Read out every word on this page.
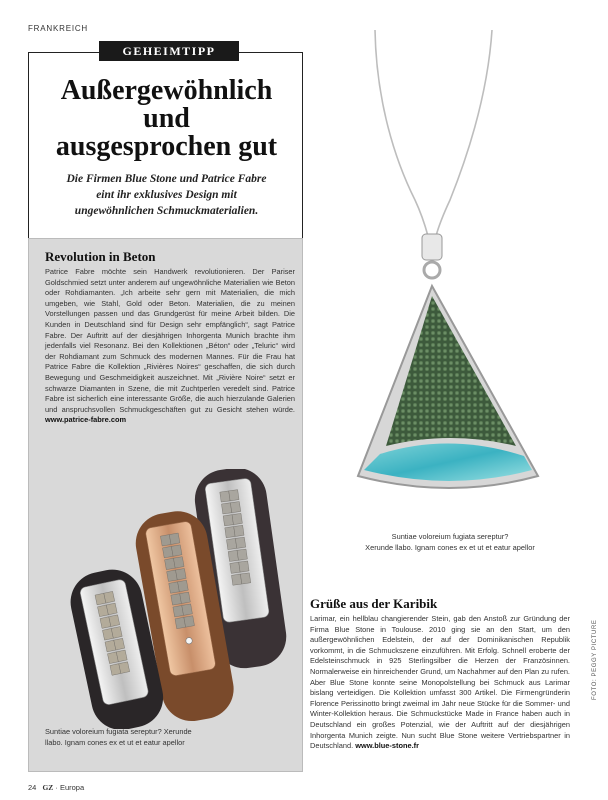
FRANKREICH
GEHEIMTIPP
Außergewöhnlich
und
ausgesprochen gut
Die Firmen Blue Stone und Patrice Fabre
eint ihr exklusives Design mit
ungewöhnlichen Schmuckmaterialien.
Revolution in Beton

Patrice Fabre möchte sein Handwerk revolutionieren. Der Pariser Goldschmied setzt unter anderem auf ungewöhnliche Materialien wie Beton oder Rohdiamanten. „Ich arbeite sehr gern mit Materialien, die mich umgeben, wie Stahl, Gold oder Beton. Materialien, die zu meinen Vorstellungen passen und das Grundgerüst für meine Arbeit bilden. Die Kunden in Deutschland sind für Design sehr empfänglich“, sagt Patrice Fabre. Der Auftritt auf der diesjährigen Inhorgenta Munich brachte ihm jedenfalls viel Resonanz. Bei den Kollektionen „Béton“ oder „Teluric“ wird der Rohdiamant zum Schmuck des modernen Mannes. Für die Frau hat Patrice Fabre die Kollektion „Rivières Noires“ geschaffen, die sich durch Bewegung und Geschmeidigkeit auszeichnet. Mit „Rivière Noire“ setzt er schwarze Diamanten in Szene, die mit Zuchtperlen veredelt sind. Patrice Fabre ist sicherlich eine interessante Größe, die auch hierzulande Galerien und anspruchsvollen Schmuckgeschäften gut zu Gesicht stehen würde. www.patrice-fabre.com

Suntiae voloreium fugiata sereptur? Xerunde llabo. Ignam cones ex et ut et eatur apellor
Suntiae voloreium fugiata sereptur?
Xerunde llabo. Ignam cones ex et ut et eatur apellor
Grüße aus der Karibik

Larimar, ein hellblau changierender Stein, gab den Anstoß zur Gründung der Firma Blue Stone in Toulouse. 2010 ging sie an den Start, um den außergewöhnlichen Edelstein, der auf der Dominikanischen Republik vorkommt, in die Schmuckszene einzuführen. Mit Erfolg. Schnell eroberte der Edelsteinschmuck in 925 Sterlingsilber die Herzen der Französinnen. Normalerweise ein hinreichender Grund, um Nachahmer auf den Plan zu rufen. Aber Blue Stone konnte seine Monopolstellung bei Schmuck aus Larimar bislang verteidigen. Die Kollektion umfasst 300 Artikel. Die Firmengründerin Florence Perissinotto bringt zweimal im Jahr neue Stücke für die Sommer- und Winter-Kollektion heraus. Die Schmuckstücke Made in France haben auch in Deutschland ein großes Potenzial, wie der Auftritt auf der diesjährigen Inhorgenta Munich zeigte. Nun sucht Blue Stone weitere Vertriebspartner in Deutschland. www.blue-stone.fr

FOTO: PEGGY PICTURE
24 GZ · Europa
